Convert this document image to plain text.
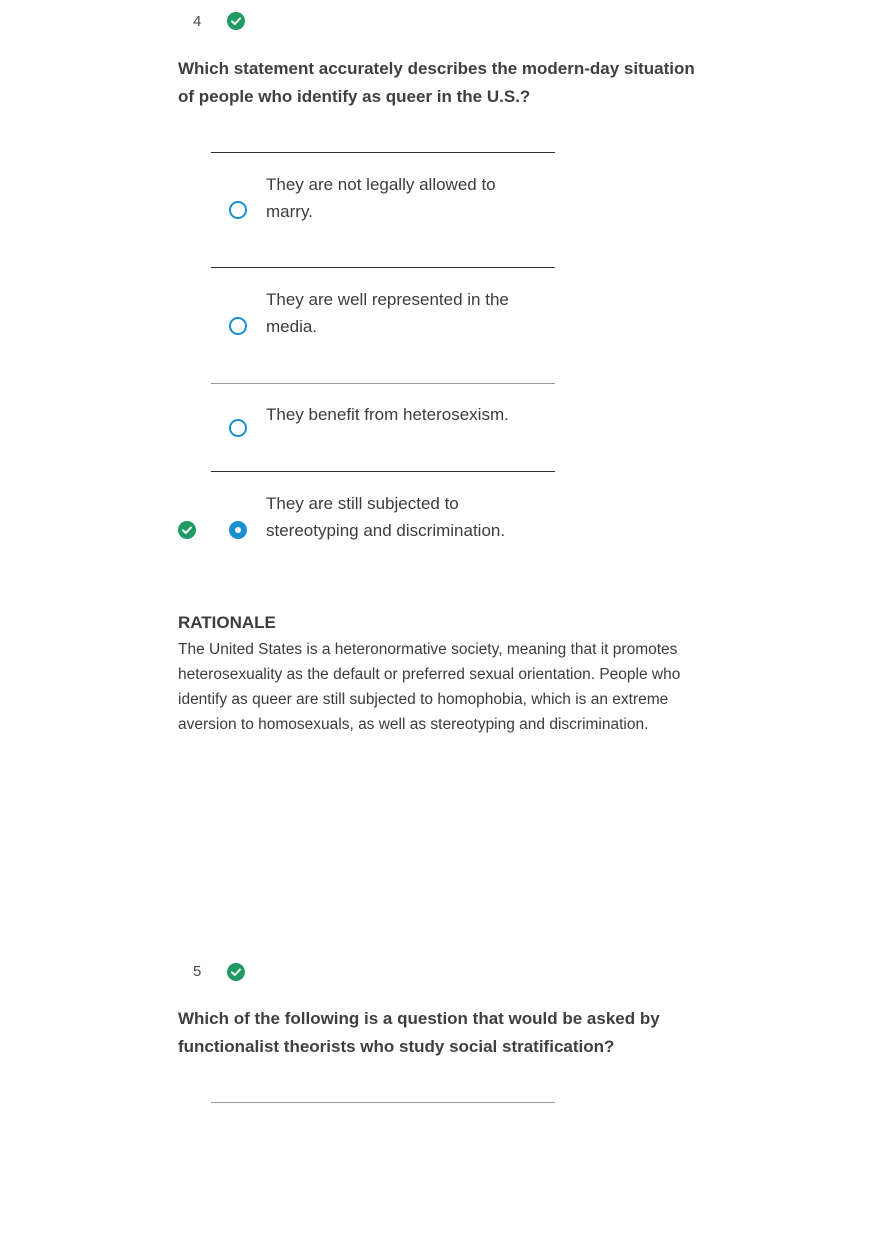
4
Which statement accurately describes the modern-day situation of people who identify as queer in the U.S.?
They are not legally allowed to marry.
They are well represented in the media.
They benefit from heterosexism.
They are still subjected to stereotyping and discrimination.
RATIONALE
The United States is a heteronormative society, meaning that it promotes heterosexuality as the default or preferred sexual orientation. People who identify as queer are still subjected to homophobia, which is an extreme aversion to homosexuals, as well as stereotyping and discrimination.
5
Which of the following is a question that would be asked by functionalist theorists who study social stratification?
